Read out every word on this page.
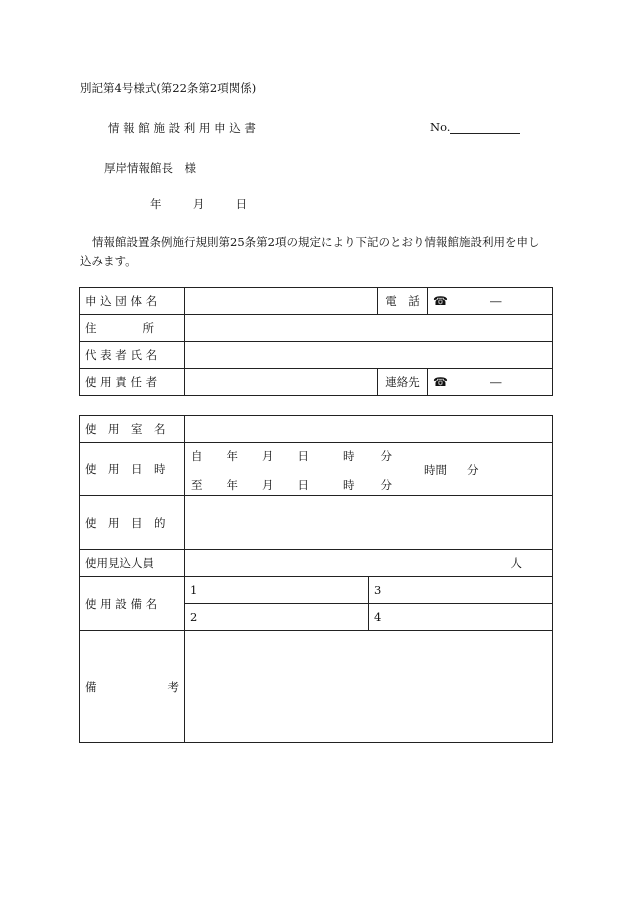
別記第4号様式(第22条第2項関係)
情 報 館 施 設 利 用 申 込 書	No.
厚岸情報館長　様
年	月	日
情報館設置条例施行規則第25条第2項の規定により下記のとおり情報館施設利用を申し
込みます。
申 込 団 体 名		電　話	☎ ―
住　　　　所			
代 表 者 氏 名			
使 用 責 任 者		連絡先	☎ ―
使　用　室　名		
使　用　日　時	自 年 月 日 時 分
至 年 月 日 時 分
時間 分	

使　用　目　的		
使用見込人員	人	
使 用 設 備 名	1	3
	2	4

備 考		
